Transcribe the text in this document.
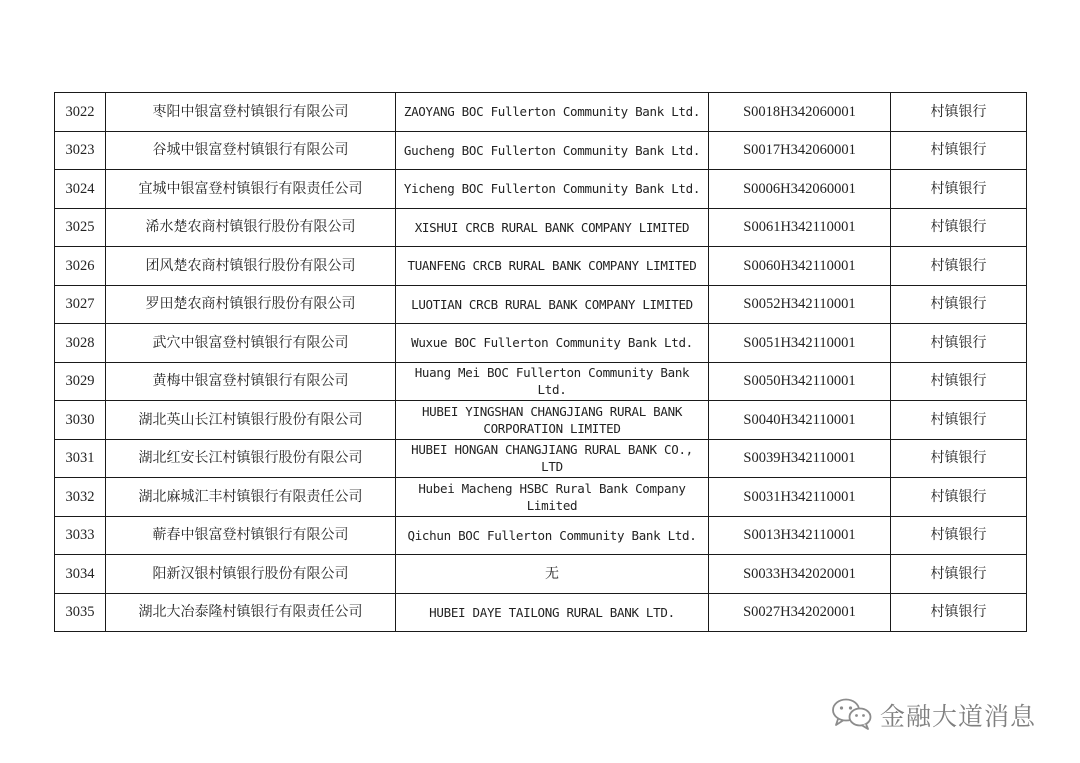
3022	枣阳中银富登村镇银行有限公司	ZAOYANG BOC Fullerton Community Bank Ltd.	S0018H342060001	村镇银行
3023	谷城中银富登村镇银行有限公司	Gucheng BOC Fullerton Community Bank Ltd.	S0017H342060001	村镇银行
3024	宜城中银富登村镇银行有限责任公司	Yicheng BOC Fullerton Community Bank Ltd.	S0006H342060001	村镇银行
3025	浠水楚农商村镇银行股份有限公司	XISHUI CRCB RURAL BANK COMPANY LIMITED	S0061H342110001	村镇银行
3026	团风楚农商村镇银行股份有限公司	TUANFENG CRCB RURAL BANK COMPANY LIMITED	S0060H342110001	村镇银行
3027	罗田楚农商村镇银行股份有限公司	LUOTIAN CRCB RURAL BANK COMPANY LIMITED	S0052H342110001	村镇银行
3028	武穴中银富登村镇银行有限公司	Wuxue BOC Fullerton Community Bank Ltd.	S0051H342110001	村镇银行
3029	黄梅中银富登村镇银行有限公司	Huang Mei BOC Fullerton Community Bank Ltd.	S0050H342110001	村镇银行
3030	湖北英山长江村镇银行股份有限公司	HUBEI YINGSHAN CHANGJIANG RURAL BANK CORPORATION LIMITED	S0040H342110001	村镇银行
3031	湖北红安长江村镇银行股份有限公司	HUBEI HONGAN CHANGJIANG RURAL BANK CO., LTD	S0039H342110001	村镇银行
3032	湖北麻城汇丰村镇银行有限责任公司	Hubei Macheng HSBC Rural Bank Company Limited	S0031H342110001	村镇银行
3033	蕲春中银富登村镇银行有限公司	Qichun BOC Fullerton Community Bank Ltd.	S0013H342110001	村镇银行
3034	阳新汉银村镇银行股份有限公司	无	S0033H342020001	村镇银行
3035	湖北大冶泰隆村镇银行有限责任公司	HUBEI DAYE TAILONG RURAL BANK LTD.	S0027H342020001	村镇银行
金融大道消息
